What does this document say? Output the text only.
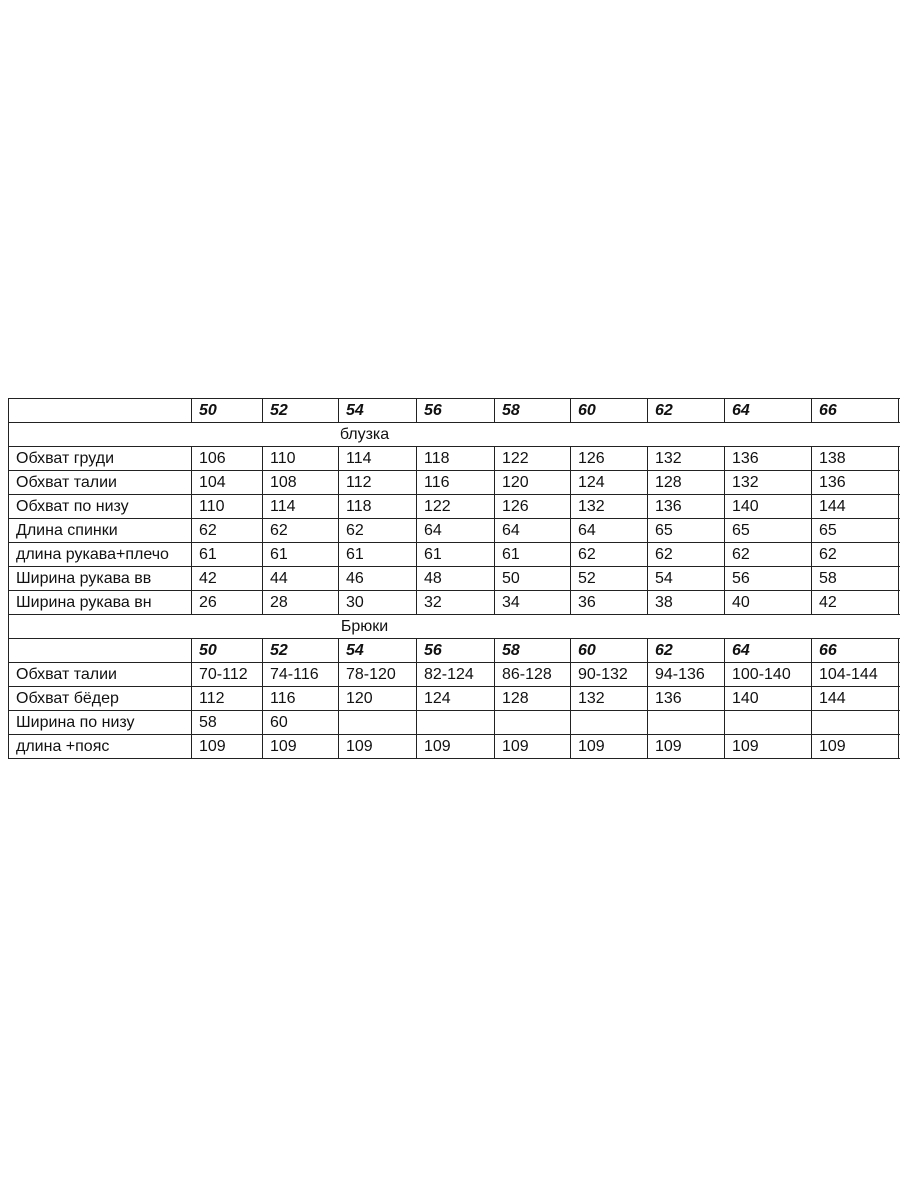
	50	52	54	56	58	60	62	64	66	
блузка										
Обхват груди	106	110	114	118	122	126	132	136	138	
Обхват талии	104	108	112	116	120	124	128	132	136	
Обхват по низу	110	114	118	122	126	132	136	140	144	
Длина спинки	62	62	62	64	64	64	65	65	65	
длина рукава+плечо	61	61	61	61	61	62	62	62	62	
Ширина рукава вв	42	44	46	48	50	52	54	56	58	
Ширина рукава вн	26	28	30	32	34	36	38	40	42	
Брюки										
	50	52	54	56	58	60	62	64	66	
Обхват талии	70-112	74-116	78-120	82-124	86-128	90-132	94-136	100-140	104-144	
Обхват бёдер	112	116	120	124	128	132	136	140	144	
Ширина по низу	58	60								
длина +пояс	109	109	109	109	109	109	109	109	109	
